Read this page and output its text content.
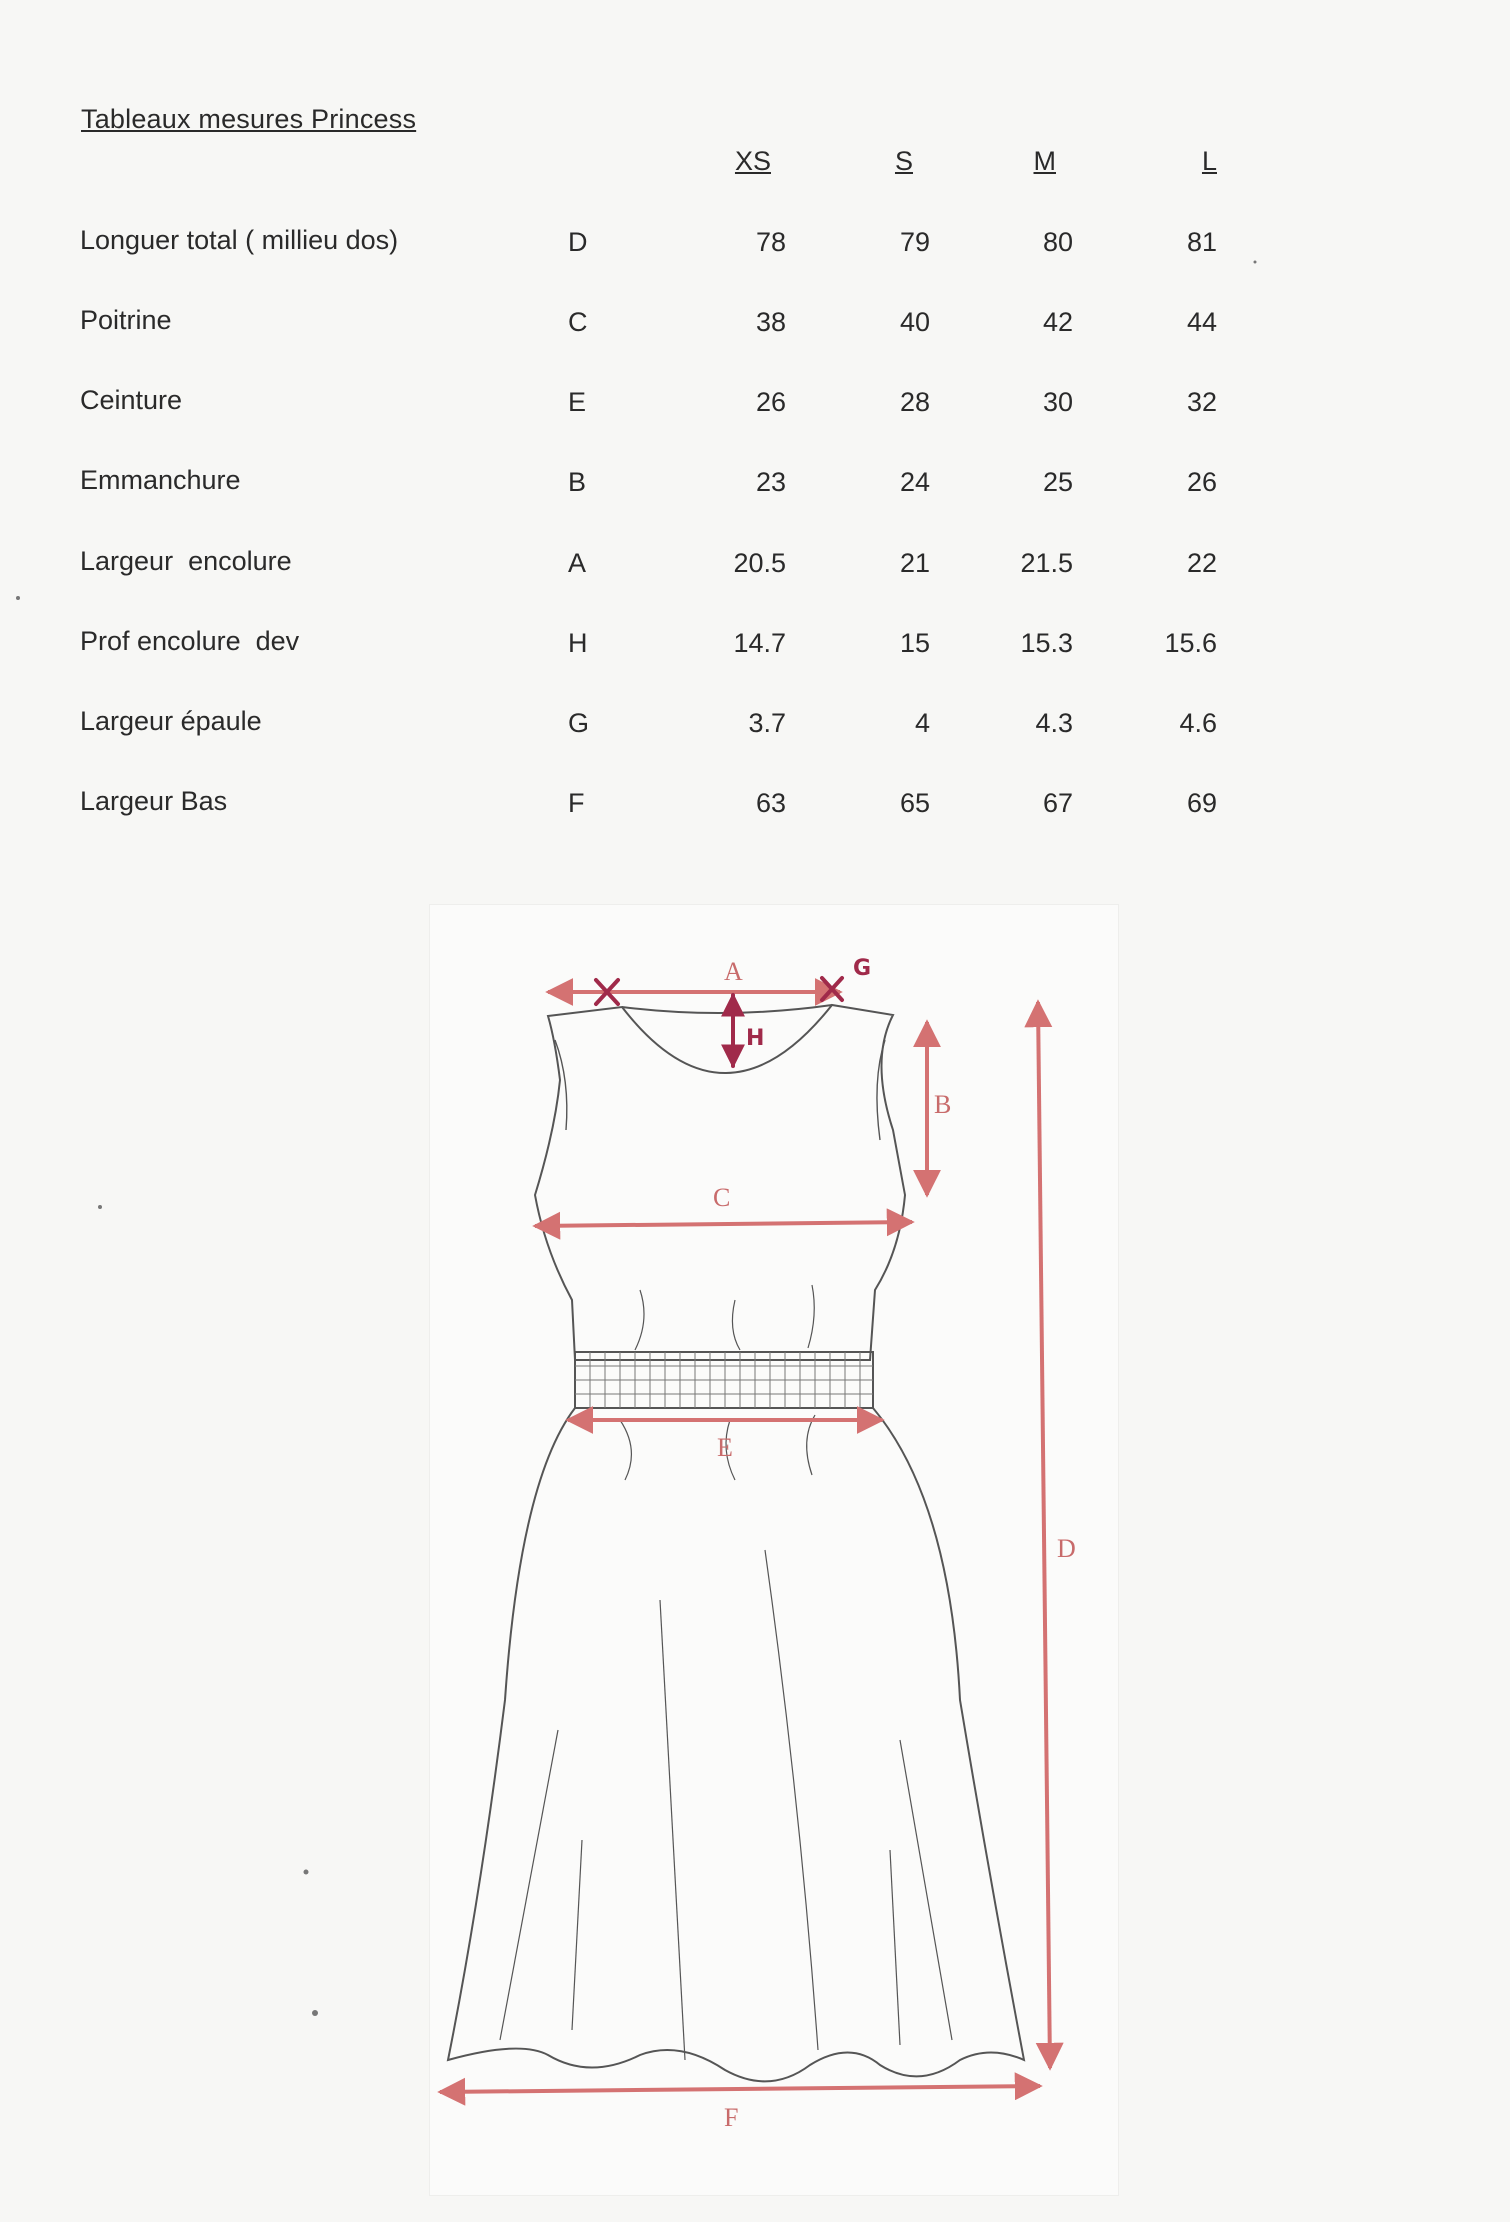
Tableaux mesures Princess
XS	S	M	L
Longuer total ( millieu dos)	D	78	79	80	81
Poitrine	C	38	40	42	44
Ceinture	E	26	28	30	32
Emmanchure	B	23	24	25	26
Largeur  encolure	A	20.5	21	21.5	22
Prof encolure  dev	H	14.7	15	15.3	15.6
Largeur épaule	G	3.7	4	4.3	4.6
Largeur Bas	F	63	65	67	69
A	G
H
B
C
E
D
F
